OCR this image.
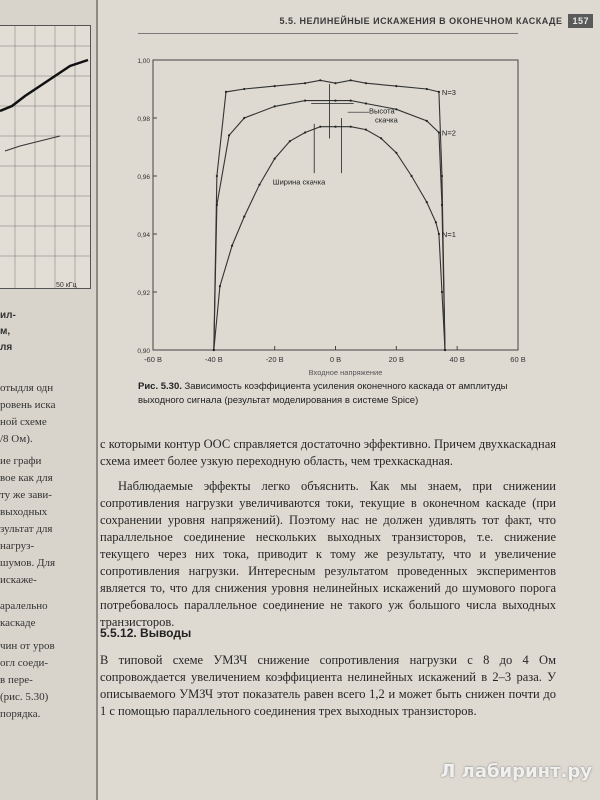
50 кГц
ил-
м,
ля
отыдля одн
ровень иска
ной схеме
/8 Ом).
ие графи
вое как для
ту же зави-
выходных
зультат для
нагруз-
шумов. Для
искаже-
аралельно
каскаде
чин от уров
огл соеди-
в пере-
(рис. 5.30)
порядка.
5.5. НЕЛИНЕЙНЫЕ ИСКАЖЕНИЯ В ОКОНЕЧНОМ КАСКАДЕ	157
0,90
0,92
0,94
0,96
0,98
1,00
-60 В	-40 В	-20 В	0 В	20 В	40 В	60 В
Входное напряжение
N=3
N=2
N=1
Высота скачка
Ширина скачка
Рис. 5.30. Зависимость коэффициента усиления оконечного каскада от амплитуды выходного сигнала (результат моделирования в системе Spice)

с которыми контур ООС справляется достаточно эффективно. Причем двухкаскадная схема имеет более узкую переходную область, чем трехкаскадная.

Наблюдаемые эффекты легко объяснить. Как мы знаем, при снижении сопротивления нагрузки увеличиваются токи, текущие в оконечном каскаде (при сохранении уровня напряжений). Поэтому нас не должен удивлять тот факт, что параллельное соединение нескольких выходных транзисторов, т.е. снижение текущего через них тока, приводит к тому же результату, что и увеличение сопротивления нагрузки. Интересным результатом проведенных экспериментов является то, что для снижения уровня нелинейных искажений до шумового порога потребовалось параллельное соединение не такого уж большого числа выходных транзисторов.

5.5.12. Выводы

В типовой схеме УМЗЧ снижение сопротивления нагрузки с 8 до 4 Ом сопровождается увеличением коэффициента нелинейных искажений в 2–3 раза. У описываемого УМЗЧ этот показатель равен всего 1,2 и может быть снижен почти до 1 с помощью параллельного соединения трех выходных транзисторов.

Л лабиринт.ру
